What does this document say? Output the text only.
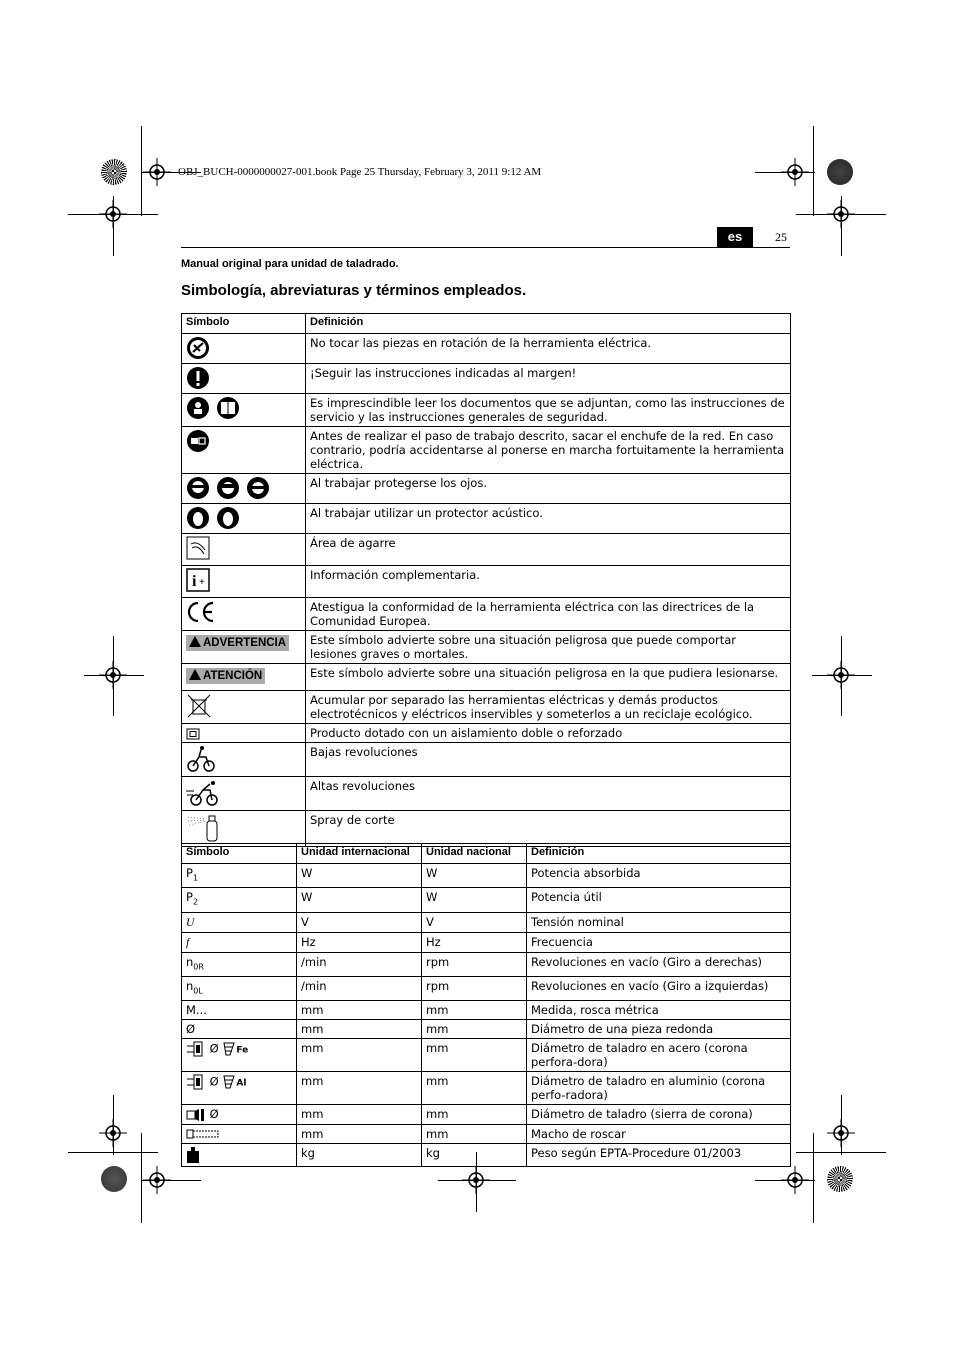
OBJ_BUCH-0000000027-001.book Page 25 Thursday, February 3, 2011 9:12 AM
es	25
Manual original para unidad de taladrado.
Simbología, abreviaturas y términos empleados.
Símbolo	Definición
	No tocar las piezas en rotación de la herramienta eléctrica.
	¡Seguir las instrucciones indicadas al margen!
	Es imprescindible leer los documentos que se adjuntan, como las instrucciones de servicio y las instrucciones generales de seguridad.
	Antes de realizar el paso de trabajo descrito, sacar el enchufe de la red. En caso contrario, podría accidentarse al ponerse en marcha fortuitamente la herramienta eléctrica.
	Al trabajar protegerse los ojos.
	Al trabajar utilizar un protector acústico.
	Área de agarre

i +	Información complementaria.
	Atestigua la conformidad de la herramienta eléctrica con las directrices de la Comunidad Europea.
ADVERTENCIA	Este símbolo advierte sobre una situación peligrosa que puede comportar lesiones graves o mortales.
ATENCIÓN	Este símbolo advierte sobre una situación peligrosa en la que pudiera lesionarse.
	Acumular por separado las herramientas eléctricas y demás productos electrotécnicos y eléctricos inservibles y someterlos a un reciclaje ecológico.
	Producto dotado con un aislamiento doble o reforzado
	Bajas revoluciones
	Altas revoluciones
	Spray de corte
Símbolo	Unidad internacional	Unidad nacional	Definición
$P_1$	W	W	Potencia absorbida
$P_2$	W	W	Potencia útil
U	V	V	Tensión nominal
f	Hz	Hz	Frecuencia
$n_{0R}$	/min	rpm	Revoluciones en vacío (Giro a derechas)
$n_{0L}$	/min	rpm	Revoluciones en vacío (Giro a izquierdas)
M...	mm	mm	Medida, rosca métrica
Ø	mm	mm	Diámetro de una pieza redonda
Ø Fe	mm	mm	Diámetro de taladro en acero (corona perfora-dora)
Ø Al	mm	mm	Diámetro de taladro en aluminio (corona perfo-radora)
Ø	mm	mm	Diámetro de taladro (sierra de corona)
	mm	mm	Macho de roscar
	kg	kg	Peso según EPTA-Procedure 01/2003
